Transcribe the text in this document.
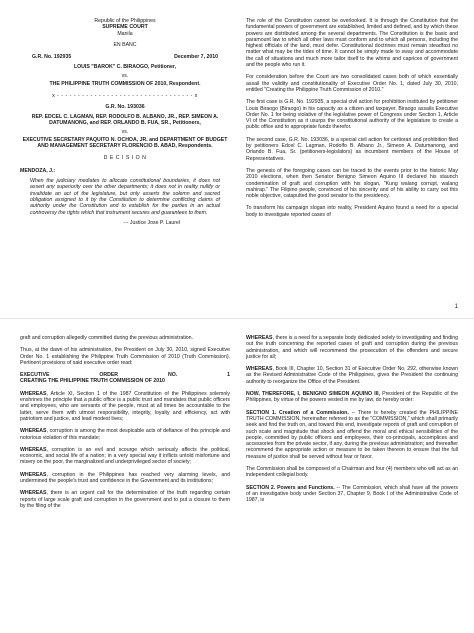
Republic of the Philippines
SUPREME COURT
Manila
EN BANC
G.R. No. 192935	December 7, 2010
LOUIS "BAROK" C. BIRAOGO, Petitioner,
vs.
THE PHILIPPINE TRUTH COMMISSION OF 2010, Respondent.
x - - - - - - - - - - - - - - - - - - - - - - - - - - - - - - - - - x
G.R. No. 193036
REP. EDCEL C. LAGMAN, REP. RODOLFO B. ALBANO, JR., REP. SIMEON A. DATUMANONG, and REP. ORLANDO B. FUA, SR., Petitioners,
vs.
EXECUTIVE SECRETARY PAQUITO N. OCHOA, JR. and DEPARTMENT OF BUDGET AND MANAGEMENT SECRETARY FLORENCIO B. ABAD, Respondents.
D E C I S I O N
MENDOZA, J.:
When the judiciary mediates to allocate constitutional boundaries, it does not assert any superiority over the other departments; it does not in reality nullify or invalidate an act of the legislature, but only asserts the solemn and sacred obligation assigned to it by the Constitution to determine conflicting claims of authority under the Constitution and to establish for the parties in an actual controversy the rights which that instrument secures and guarantees to them.
--- Justice Jose P. Laurel

The role of the Constitution cannot be overlooked. It is through the Constitution that the fundamental powers of government are established, limited and defined, and by which these powers are distributed among the several departments. The Constitution is the basic and paramount law to which all other laws must conform and to which all persons, including the highest officials of the land, must defer. Constitutional doctrines must remain steadfast no matter what may be the tides of time. It cannot be simply made to sway and accommodate the call of situations and much more tailor itself to the whims and caprices of government and the people who run it.

For consideration before the Court are two consolidated cases both of which essentially assail the validity and constitutionality of Executive Order No. 1, dated July 30, 2010, entitled "Creating the Philippine Truth Commission of 2010."

The first case is G.R. No. 192935, a special civil action for prohibition instituted by petitioner Louis Biraogo (Biraogo) in his capacity as a citizen and taxpayer. Biraogo assails Executive Order No. 1 for being violative of the legislative power of Congress under Section 1, Article VI of the Constitution as it usurps the constitutional authority of the legislature to create a public office and to appropriate funds therefor.

The second case, G.R. No. 193036, is a special civil action for certiorari and prohibition filed by petitioners Edcel C. Lagman, Rodolfo B. Albano Jr., Simeon A. Datumanong, and Orlando B. Fua, Sr. (petitioners-legislators) as incumbent members of the House of Representatives.

The genesis of the foregoing cases can be traced to the events prior to the historic May 2010 elections, when then Senator Benigno Simeon Aquino III declared his staunch condemnation of graft and corruption with his slogan, "Kung walang corrupt, walang mahirap." The Filipino people, convinced of his sincerity and of his ability to carry out this noble objective, catapulted the good senator to the presidency.

To transform his campaign slogan into reality, President Aquino found a need for a special body to investigate reported cases of

1

graft and corruption allegedly committed during the previous administration.

Thus, at the dawn of his administration, the President on July 30, 2010, signed Executive Order No. 1 establishing the Philippine Truth Commission of 2010 (Truth Commission). Pertinent provisions of said executive order read:

EXECUTIVE	ORDER	NO.	1

CREATING THE PHILIPPINE TRUTH COMMISSION OF 2010

WHEREAS, Article XI, Section 1 of the 1987 Constitution of the Philippines solemnly enshrines the principle that a public office is a public trust and mandates that public officers and employees, who are servants of the people, must at all times be accountable to the latter, serve them with utmost responsibility, integrity, loyalty and efficiency, act with patriotism and justice, and lead modest lives;

WHEREAS, corruption is among the most despicable acts of defiance of this principle and notorious violation of this mandate;

WHEREAS, corruption is an evil and scourge which seriously affects the political, economic, and social life of a nation; in a very special way it inflicts untold misfortune and misery on the poor, the marginalized and underprivileged sector of society;

WHEREAS, corruption in the Philippines has reached very alarming levels, and undermined the people's trust and confidence in the Government and its institutions;

WHEREAS, there is an urgent call for the determination of the truth regarding certain reports of large scale graft and corruption in the government and to put a closure to them by the filing of the

WHEREAS, there is a need for a separate body dedicated solely to investigating and finding out the truth concerning the reported cases of graft and corruption during the previous administration, and which will recommend the prosecution of the offenders and secure justice for all;

WHEREAS, Book III, Chapter 10, Section 31 of Executive Order No. 292, otherwise known as the Revised Administrative Code of the Philippines, gives the President the continuing authority to reorganize the Office of the President.

NOW, THEREFORE, I, BENIGNO SIMEON AQUINO III, President of the Republic of the Philippines, by virtue of the powers vested in me by law, do hereby order:

SECTION 1. Creation of a Commission. -- There is hereby created the PHILIPPINE TRUTH COMMISSION, hereinafter referred to as the "COMMISSION," which shall primarily seek and find the truth on, and toward this end, investigate reports of graft and corruption of such scale and magnitude that shock and offend the moral and ethical sensibilities of the people, committed by public officers and employees, their co-principals, accomplices and accessories from the private sector, if any, during the previous administration; and thereafter recommend the appropriate action or measure to be taken thereon to ensure that the full measure of justice shall be served without fear or favor.

The Commission shall be composed of a Chairman and four (4) members who will act as an independent collegial body.

SECTION 2. Powers and Functions. -- The Commission, which shall have all the powers of an investigative body under Section 37, Chapter 9, Book I of the Administrative Code of 1987, is
